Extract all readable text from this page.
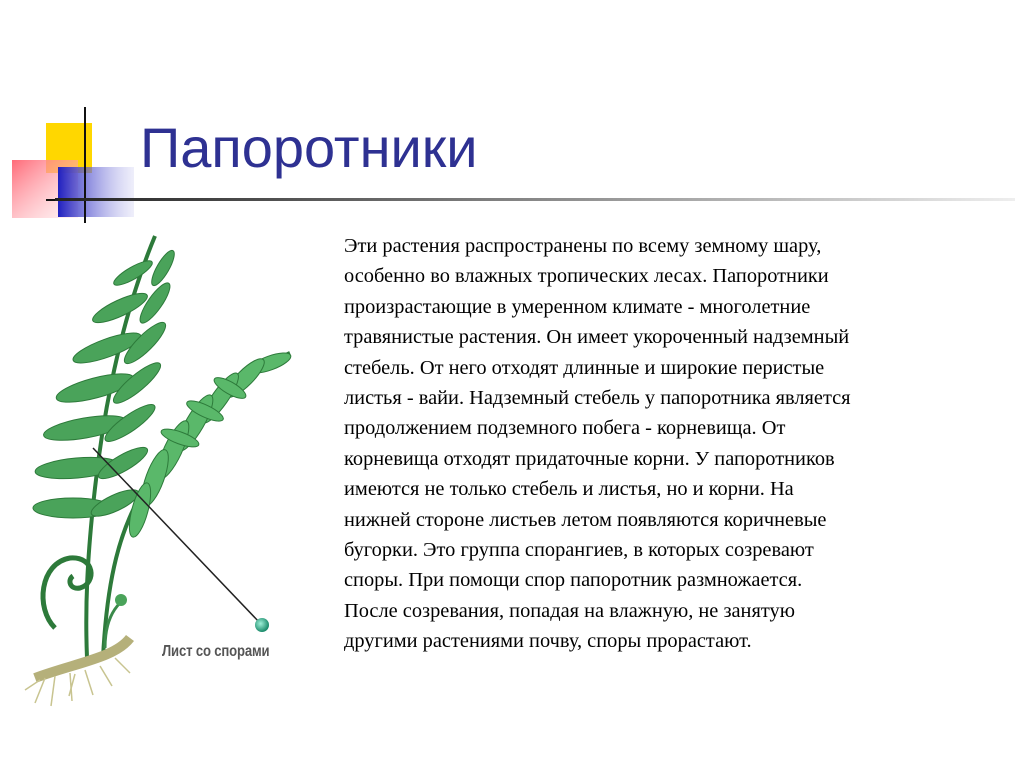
Папоротники
Лист со спорами
Эти растения распространены по всему земному шару,
особенно во влажных тропических лесах. Папоротники
произрастающие в умеренном климате - многолетние
травянистые растения. Он имеет укороченный надземный
стебель. От него отходят длинные и широкие перистые
листья - вайи. Надземный стебель у папоротника является
продолжением подземного побега - корневища. От
корневища отходят придаточные корни. У папоротников
имеются не только стебель и листья, но и корни. На
нижней стороне листьев летом появляются коричневые
бугорки. Это группа спорангиев, в которых созревают
споры. При помощи спор папоротник размножается.
После созревания, попадая на влажную, не занятую
другими растениями почву, споры прорастают.
